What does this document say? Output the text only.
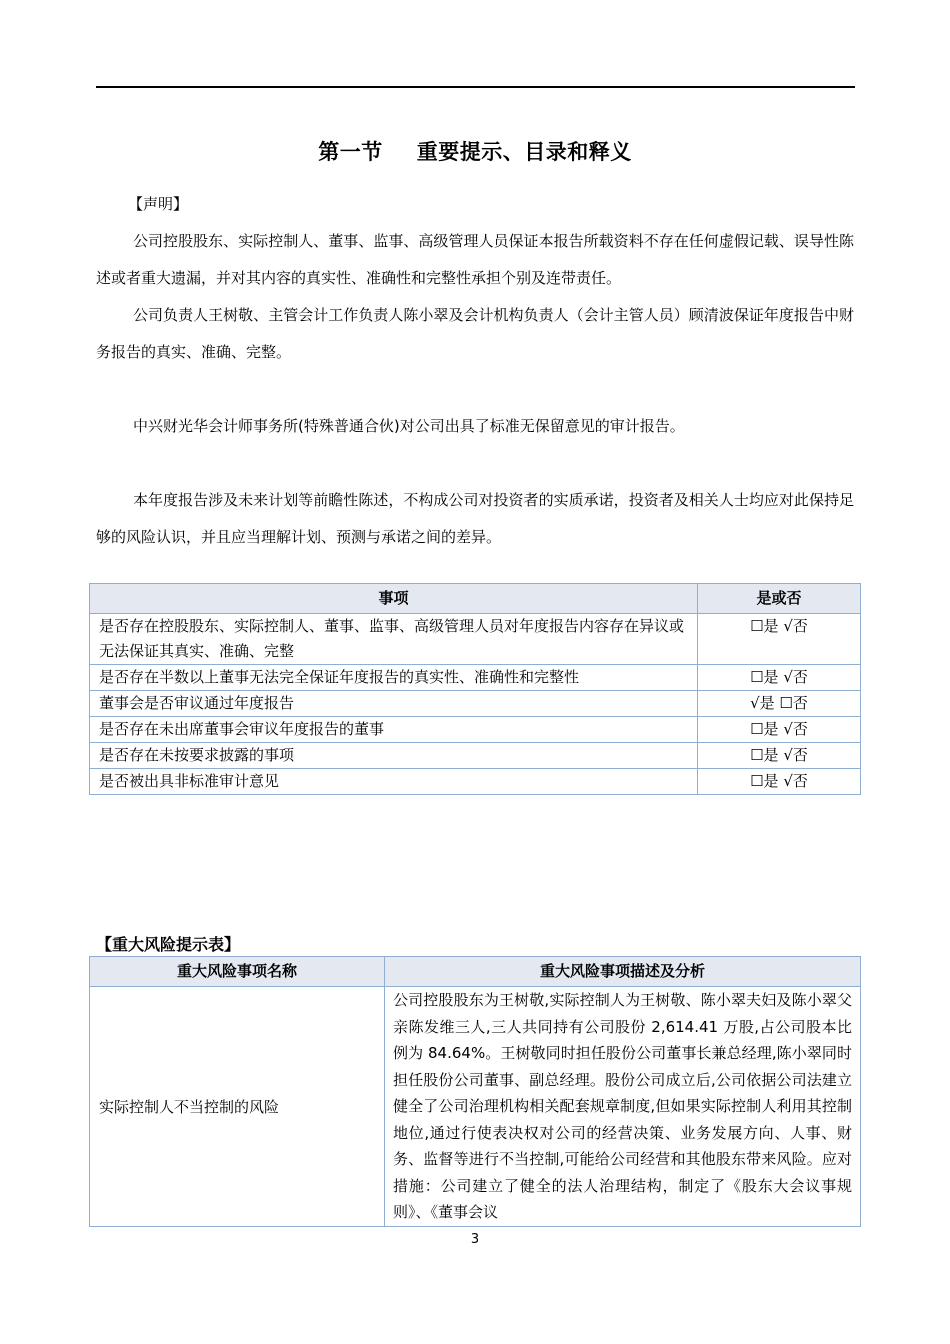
第一节 重要提示、目录和释义
【声明】
公司控股股东、实际控制人、董事、监事、高级管理人员保证本报告所载资料不存在任何虚假记载、误导性陈述或者重大遗漏，并对其内容的真实性、准确性和完整性承担个别及连带责任。
公司负责人王树敬、主管会计工作负责人陈小翠及会计机构负责人（会计主管人员）顾清波保证年度报告中财务报告的真实、准确、完整。
中兴财光华会计师事务所(特殊普通合伙)对公司出具了标准无保留意见的审计报告。
本年度报告涉及未来计划等前瞻性陈述，不构成公司对投资者的实质承诺，投资者及相关人士均应对此保持足够的风险认识，并且应当理解计划、预测与承诺之间的差异。
事项	是或否
是否存在控股股东、实际控制人、董事、监事、高级管理人员对年度报告内容存在异议或无法保证其真实、准确、完整	☐是 √否
是否存在半数以上董事无法完全保证年度报告的真实性、准确性和完整性	☐是 √否
董事会是否审议通过年度报告	√是 ☐否
是否存在未出席董事会审议年度报告的董事	☐是 √否
是否存在未按要求披露的事项	☐是 √否
是否被出具非标准审计意见	☐是 √否
【重大风险提示表】
重大风险事项名称	重大风险事项描述及分析
实际控制人不当控制的风险	公司控股股东为王树敬,实际控制人为王树敬、陈小翠夫妇及陈小翠父亲陈发维三人,三人共同持有公司股份 2,614.41 万股,占公司股本比例为 84.64%。王树敬同时担任股份公司董事长兼总经理,陈小翠同时担任股份公司董事、副总经理。股份公司成立后,公司依据公司法建立健全了公司治理机构相关配套规章制度,但如果实际控制人利用其控制地位,通过行使表决权对公司的经营决策、业务发展方向、人事、财务、监督等进行不当控制,可能给公司经营和其他股东带来风险。应对措施：公司建立了健全的法人治理结构，制定了《股东大会议事规则》、《董事会议
3
